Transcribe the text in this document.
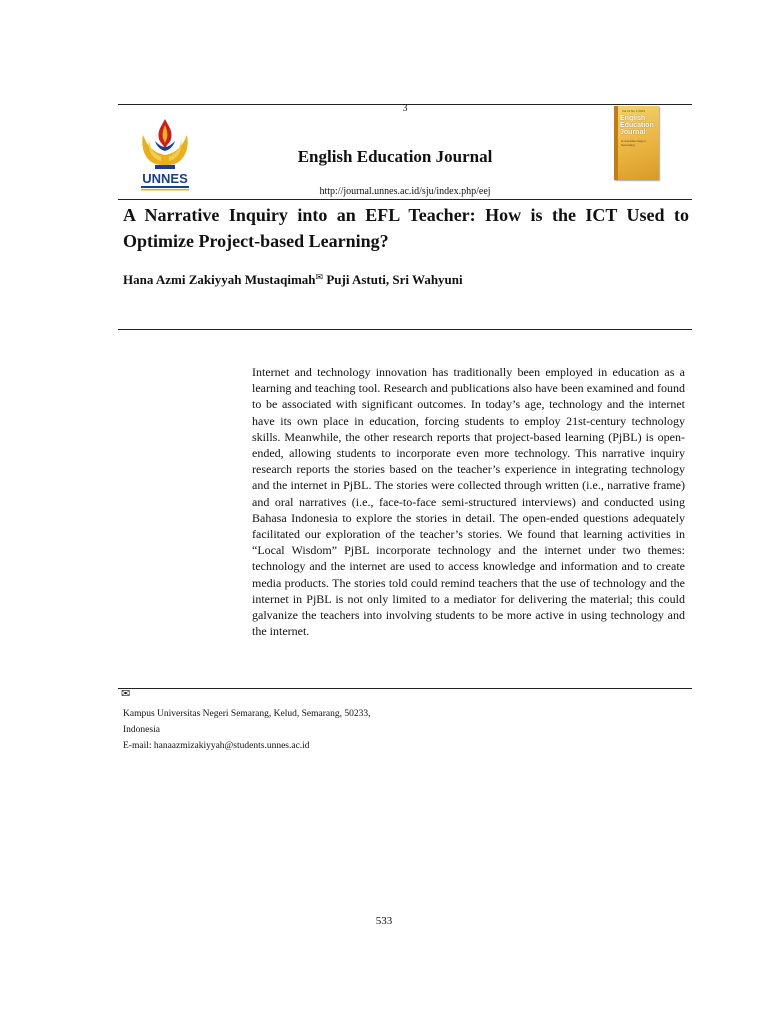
3
UNNES
English Education Journal
http://journal.unnes.ac.id/sju/index.php/eej
Vol 13 No 4 2023
English Education Journal
Universitas Negeri Semarang
A Narrative Inquiry into an EFL Teacher: How is the ICT Used to Optimize Project-based Learning?
Hana Azmi Zakiyyah Mustaqimah✉ Puji Astuti, Sri Wahyuni

Internet and technology innovation has traditionally been employed in education as a learning and teaching tool. Research and publications also have been examined and found to be associated with significant outcomes. In today’s age, technology and the internet have its own place in education, forcing students to employ 21st-century technology skills. Meanwhile, the other research reports that project-based learning (PjBL) is open-ended, allowing students to incorporate even more technology. This narrative inquiry research reports the stories based on the teacher’s experience in integrating technology and the internet in PjBL. The stories were collected through written (i.e., narrative frame) and oral narratives (i.e., face-to-face semi-structured interviews) and conducted using Bahasa Indonesia to explore the stories in detail. The open-ended questions adequately facilitated our exploration of the teacher’s stories. We found that learning activities in “Local Wisdom” PjBL incorporate technology and the internet under two themes: technology and the internet are used to access knowledge and information and to create media products. The stories told could remind teachers that the use of technology and the internet in PjBL is not only limited to a mediator for delivering the material; this could galvanize the teachers into involving students to be more active in using technology and the internet.

✉
Kampus Universitas Negeri Semarang, Kelud, Semarang, 50233,
Indonesia
E-mail: hanaazmizakiyyah@students.unnes.ac.id
533
